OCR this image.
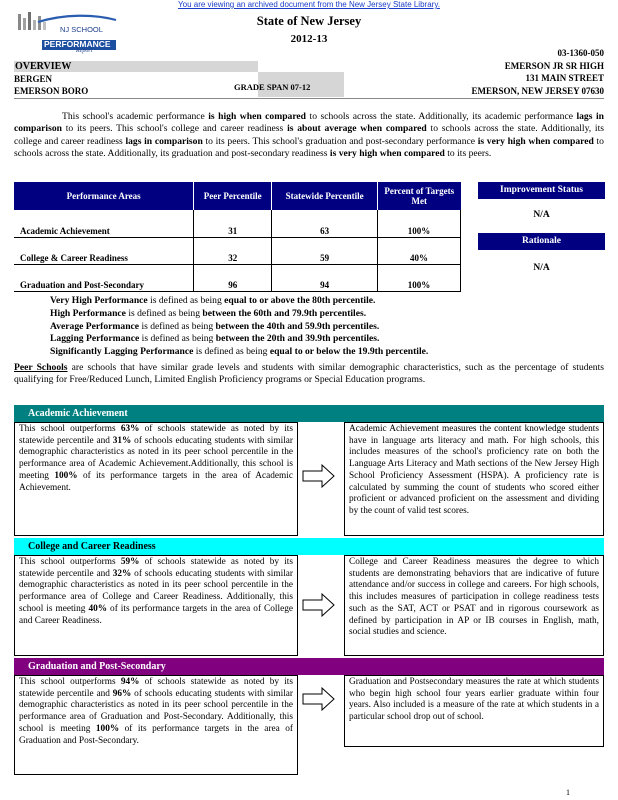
You are viewing an archived document from the New Jersey State Library.
NJ SCHOOL
PERFORMANCE
Report
State of New Jersey
2012-13
03-1360-050
EMERSON JR SR HIGH
131 MAIN STREET
EMERSON, NEW JERSEY 07630
OVERVIEW
BERGEN
EMERSON BORO	GRADE SPAN 07-12
This school's academic performance is high when compared to schools across the state. Additionally, its academic performance lags in comparison to its peers. This school's college and career readiness is about average when compared to schools across the state. Additionally, its college and career readiness lags in comparison to its peers. This school's graduation and post-secondary performance is very high when compared to schools across the state. Additionally, its graduation and post-secondary readiness is very high when compared to its peers.
Performance Areas	Peer Percentile	Statewide Percentile	Percent of Targets Met
Academic Achievement	31	63	100%
College & Career Readiness	32	59	40%
Graduation and Post-Secondary	96	94	100%
Improvement Status
N/A
Rationale
N/A
Very High Performance is defined as being equal to or above the 80th percentile.
High Performance is defined as being between the 60th and 79.9th percentiles.
Average Performance is defined as being between the 40th and 59.9th percentiles.
Lagging Performance is defined as being between the 20th and 39.9th percentiles.
Significantly Lagging Performance is defined as being equal to or below the 19.9th percentile.
Peer Schools are schools that have similar grade levels and students with similar demographic characteristics, such as the percentage of students qualifying for Free/Reduced Lunch, Limited English Proficiency programs or Special Education programs.
Academic Achievement
This school outperforms 63% of schools statewide as noted by its statewide percentile and 31% of schools educating students with similar demographic characteristics as noted in its peer school percentile in the performance area of Academic Achievement.Additionally, this school is meeting 100% of its performance targets in the area of Academic Achievement.
Academic Achievement measures the content knowledge students have in language arts literacy and math. For high schools, this includes measures of the school's proficiency rate on both the Language Arts Literacy and Math sections of the New Jersey High School Proficiency Assessment (HSPA). A proficiency rate is calculated by summing the count of students who scored either proficient or advanced proficient on the assessment and dividing by the count of valid test scores.
College and Career Readiness
This school outperforms 59% of schools statewide as noted by its statewide percentile and 32% of schools educating students with similar demographic characteristics as noted in its peer school percentile in the performance area of College and Career Readiness. Additionally, this school is meeting 40% of its performance targets in the area of College and Career Readiness.
College and Career Readiness measures the degree to which students are demonstrating behaviors that are indicative of future attendance and/or success in college and careers. For high schools, this includes measures of participation in college readiness tests such as the SAT, ACT or PSAT and in rigorous coursework as defined by participation in AP or IB courses in English, math, social studies and science.
Graduation and Post-Secondary
This school outperforms 94% of schools statewide as noted by its statewide percentile and 96% of schools educating students with similar demographic characteristics as noted in its peer school percentile in the performance area of Graduation and Post-Secondary. Additionally, this school is meeting 100% of its performance targets in the area of Graduation and Post-Secondary.
Graduation and Postsecondary measures the rate at which students who begin high school four years earlier graduate within four years. Also included is a measure of the rate at which students in a particular school drop out of school.
1
